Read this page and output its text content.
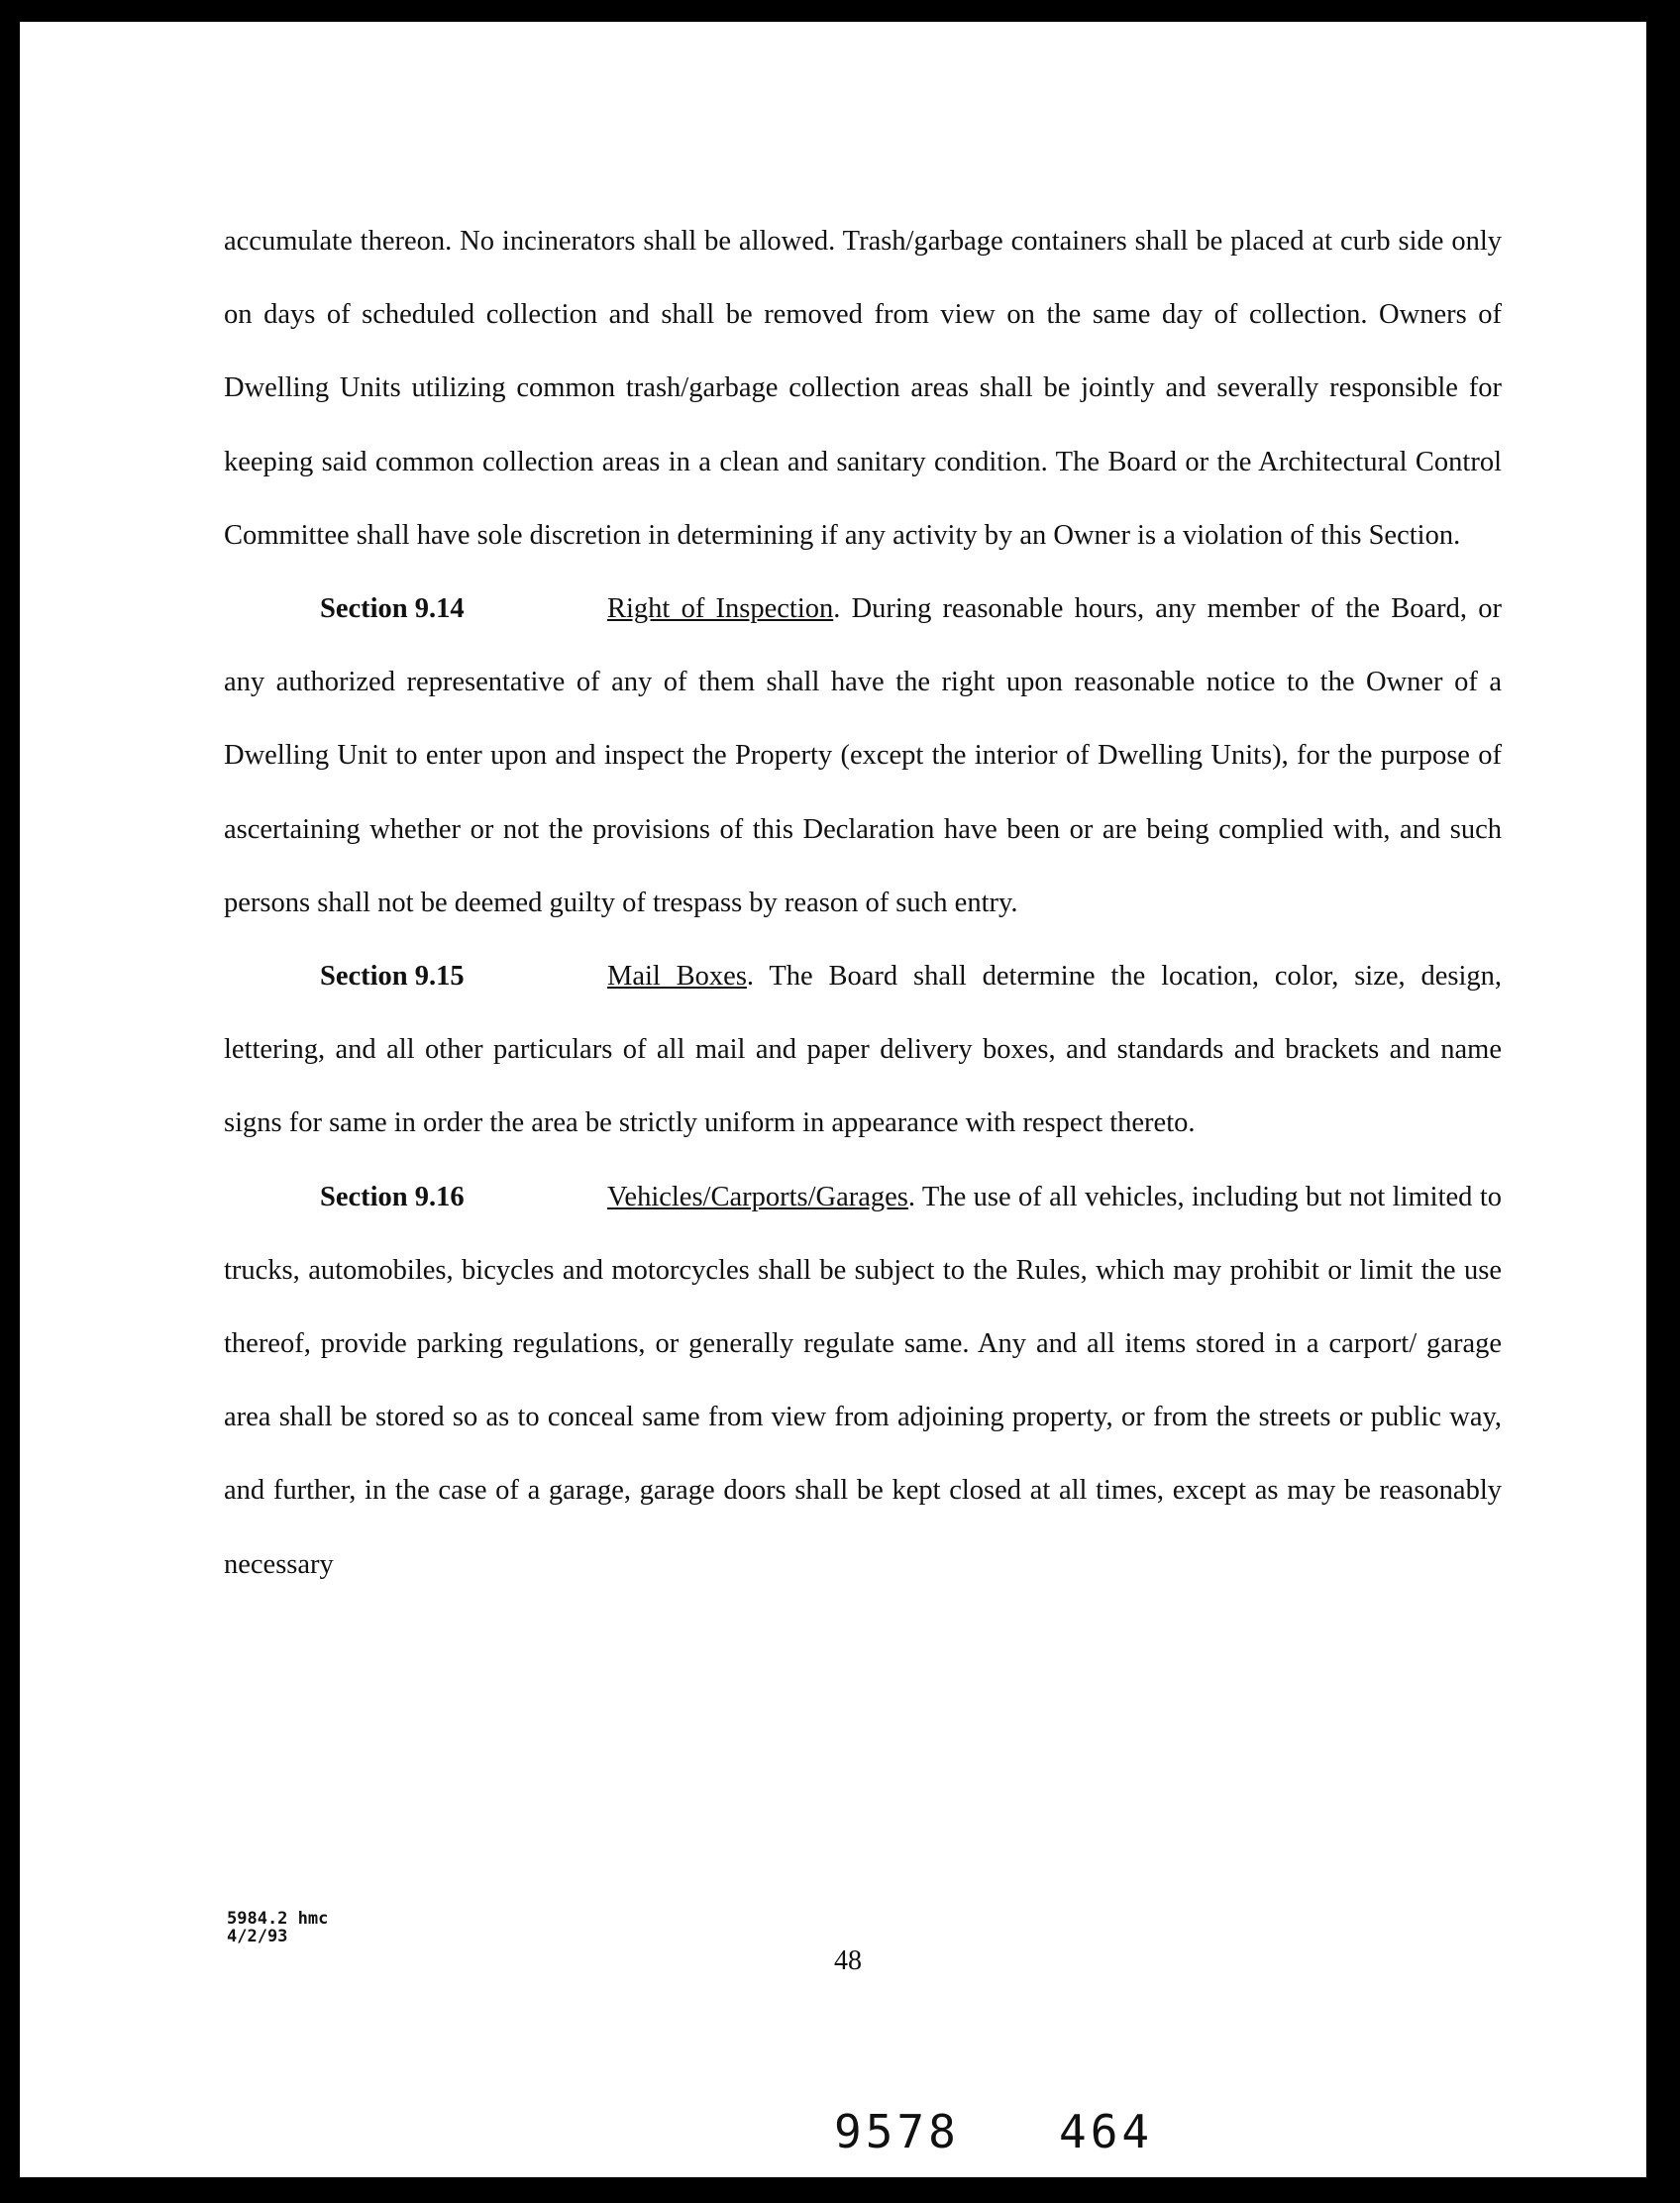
accumulate thereon. No incinerators shall be allowed. Trash/garbage containers shall be placed at curb side only on days of scheduled collection and shall be removed from view on the same day of collection. Owners of Dwelling Units utilizing common trash/garbage collection areas shall be jointly and severally responsible for keeping said common collection areas in a clean and sanitary condition. The Board or the Architectural Control Committee shall have sole discretion in determining if any activity by an Owner is a violation of this Section.

Section 9.14	Right of Inspection. During reasonable hours, any member of the Board, or any authorized representative of any of them shall have the right upon reasonable notice to the Owner of a Dwelling Unit to enter upon and inspect the Property (except the interior of Dwelling Units), for the purpose of ascertaining whether or not the provisions of this Declaration have been or are being complied with, and such persons shall not be deemed guilty of trespass by reason of such entry.

Section 9.15	Mail Boxes. The Board shall determine the location, color, size, design, lettering, and all other particulars of all mail and paper delivery boxes, and standards and brackets and name signs for same in order the area be strictly uniform in appearance with respect thereto.

Section 9.16	Vehicles/Carports/Garages. The use of all vehicles, including but not limited to trucks, automobiles, bicycles and motorcycles shall be subject to the Rules, which may prohibit or limit the use thereof, provide parking regulations, or generally regulate same. Any and all items stored in a carport/ garage area shall be stored so as to conceal same from view from adjoining property, or from the streets or public way, and further, in the case of a garage, garage doors shall be kept closed at all times, except as may be reasonably necessary

5984.2 hmc
4/2/93
48
9578 464
